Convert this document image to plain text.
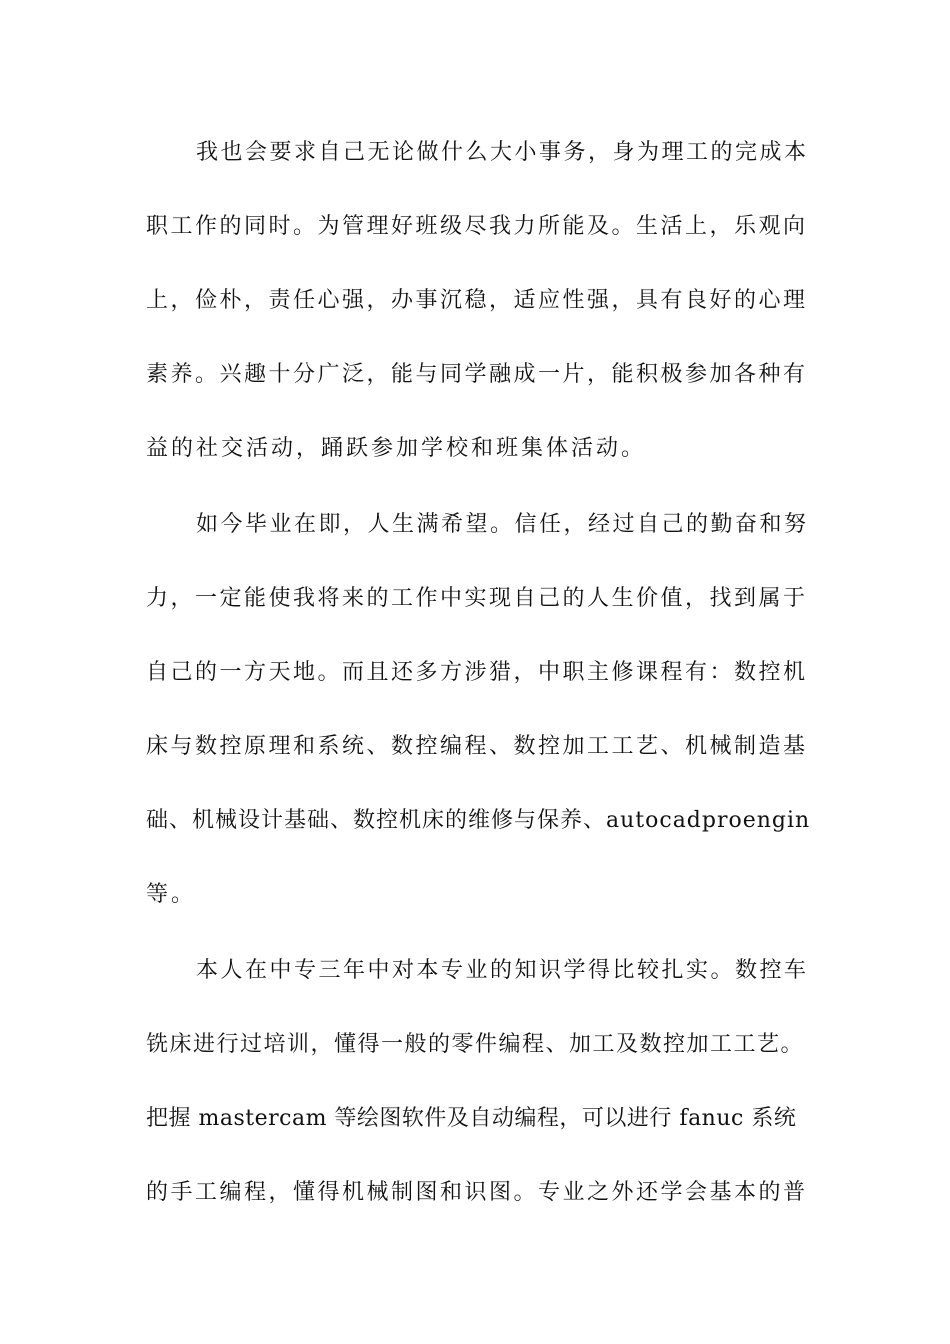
我也会要求自己无论做什么大小事务，身为理工的完成本
职工作的同时。为管理好班级尽我力所能及。生活上，乐观向
上，俭朴，责任心强，办事沉稳，适应性强，具有良好的心理
素养。兴趣十分广泛，能与同学融成一片，能积极参加各种有
益的社交活动，踊跃参加学校和班集体活动。
如今毕业在即，人生满希望。信任，经过自己的勤奋和努
力，一定能使我将来的工作中实现自己的人生价值，找到属于
自己的一方天地。而且还多方涉猎，中职主修课程有：数控机
床与数控原理和系统、数控编程、数控加工工艺、机械制造基
础、机械设计基础、数控机床的维修与保养、autocadproengin
等。
本人在中专三年中对本专业的知识学得比较扎实。数控车
铣床进行过培训，懂得一般的零件编程、加工及数控加工工艺。
把握 mastercam 等绘图软件及自动编程，可以进行 fanuc 系统
的手工编程，懂得机械制图和识图。专业之外还学会基本的普
